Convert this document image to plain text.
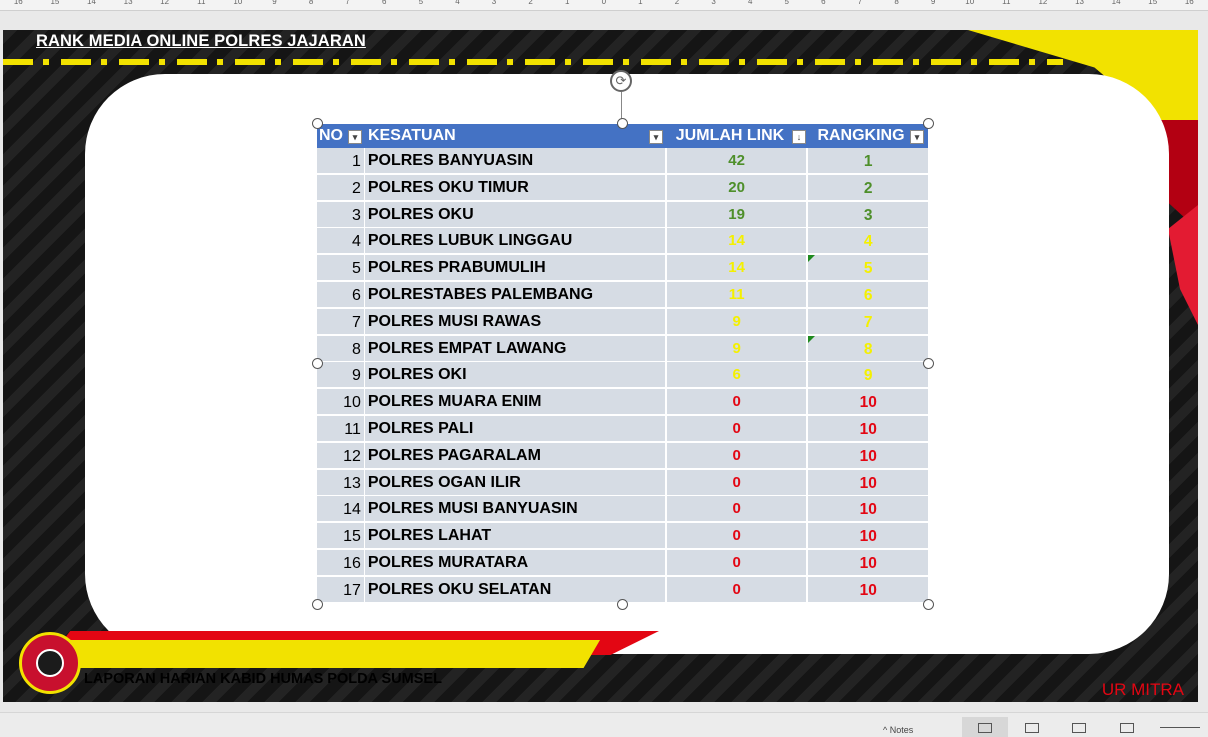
16	15	14	13	12	11	10	9	8	7	6	5	4	3	2	1	0	1	2	3	4	5	6	7	8	9	10	11	12	13	14	15	16
RANK MEDIA ONLINE POLRES JAJARAN
⟳
NO	▾ KESATUAN	▾	JUMLAH LINK	↓	RANGKING	▾
1 POLRES BANYUASIN	42	1
2 POLRES OKU TIMUR	20	2
3 POLRES OKU	19	3
4 POLRES LUBUK LINGGAU	14	4
5 POLRES PRABUMULIH	14	5
6 POLRESTABES PALEMBANG	11	6
7 POLRES MUSI RAWAS	9	7
8 POLRES EMPAT LAWANG	9	8
9 POLRES OKI	6	9
10 POLRES MUARA ENIM	0	10
11 POLRES PALI	0	10
12 POLRES PAGARALAM	0	10
13 POLRES OGAN ILIR	0	10
14 POLRES MUSI BANYUASIN	0	10
15 POLRES LAHAT	0	10
16 POLRES MURATARA	0	10
17 POLRES OKU SELATAN	0	10
LAPORAN HARIAN KABID HUMAS POLDA SUMSEL
UR MITRA
^ Notes
